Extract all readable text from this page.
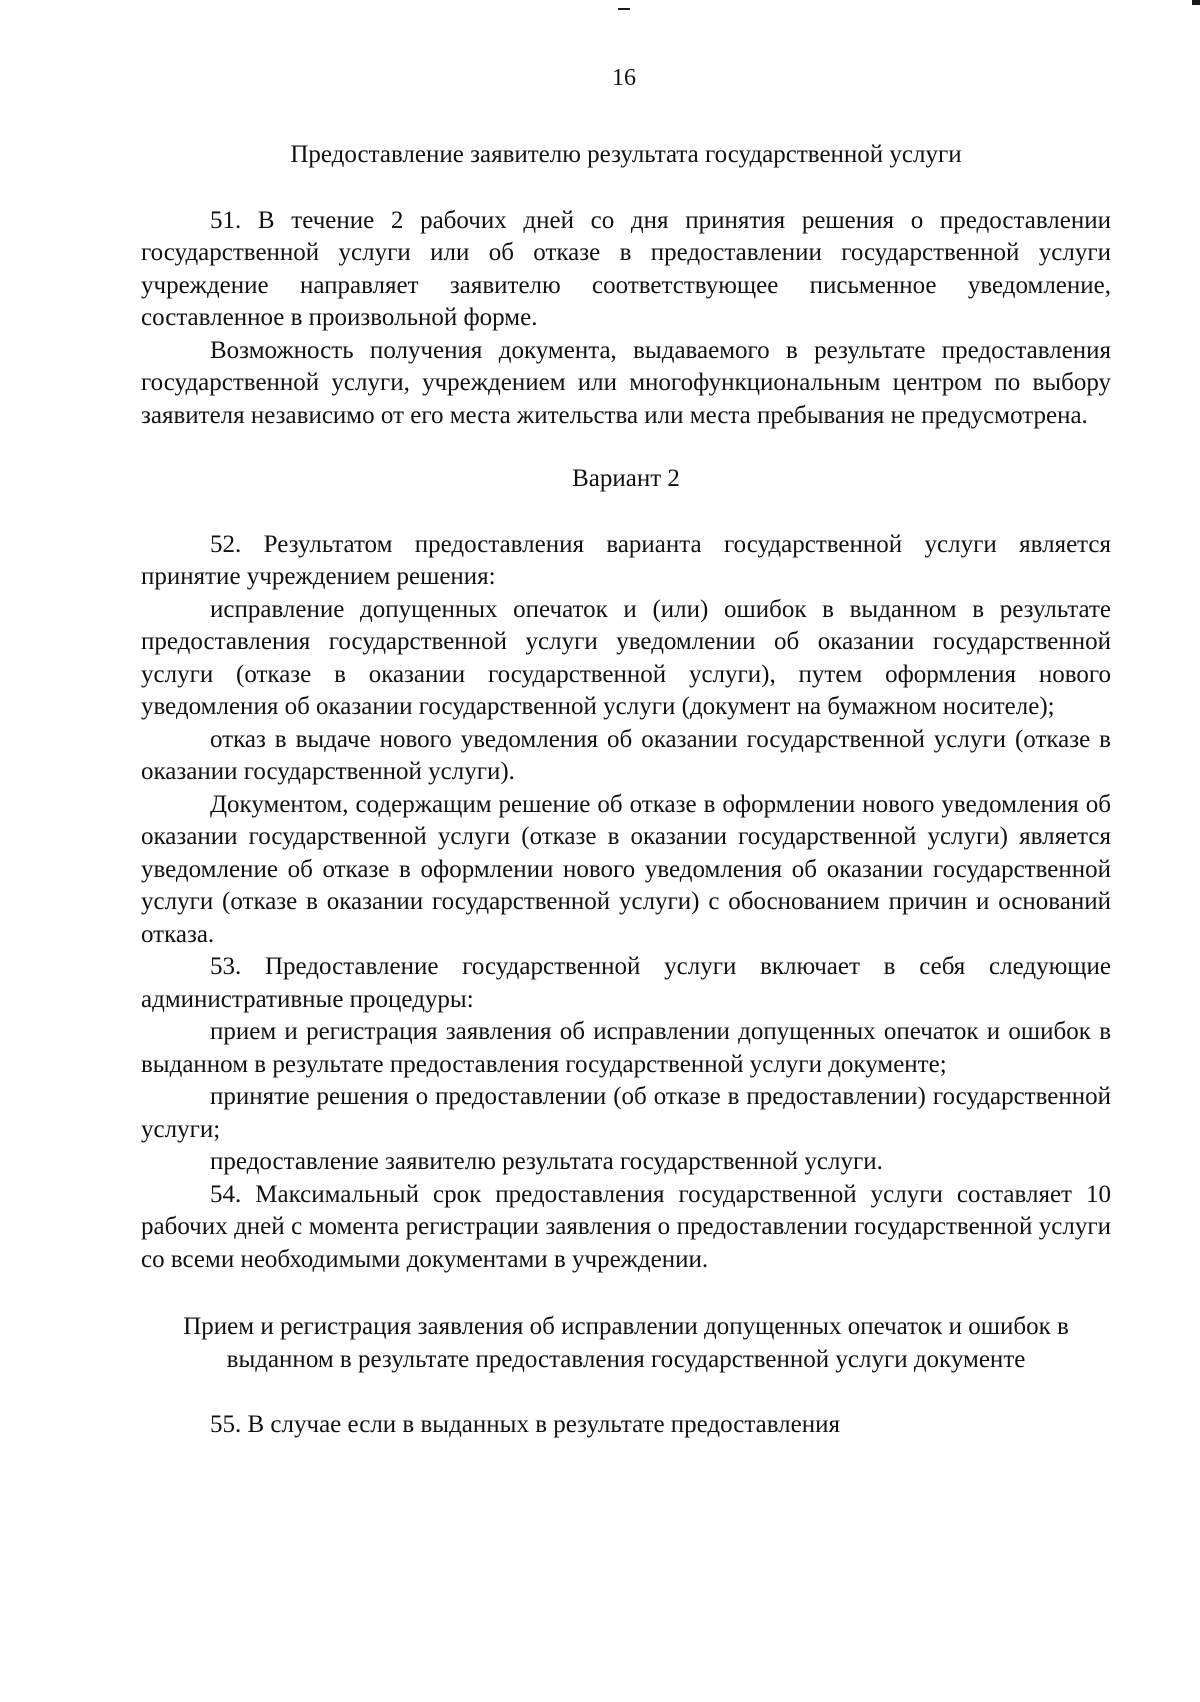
16

Предоставление заявителю результата государственной услуги

51. В течение 2 рабочих дней со дня принятия решения о предоставлении государственной услуги или об отказе в предоставлении государственной услуги учреждение направляет заявителю соответствующее письменное уведомление, составленное в произвольной форме.

Возможность получения документа, выдаваемого в результате предоставления государственной услуги, учреждением или многофункциональным центром по выбору заявителя независимо от его места жительства или места пребывания не предусмотрена.

Вариант 2

52. Результатом предоставления варианта государственной услуги является принятие учреждением решения:

исправление допущенных опечаток и (или) ошибок в выданном в результате предоставления государственной услуги уведомлении об оказании государственной услуги (отказе в оказании государственной услуги), путем оформления нового уведомления об оказании государственной услуги (документ на бумажном носителе);

отказ в выдаче нового уведомления об оказании государственной услуги (отказе в оказании государственной услуги).

Документом, содержащим решение об отказе в оформлении нового уведомления об оказании государственной услуги (отказе в оказании государственной услуги) является уведомление об отказе в оформлении нового уведомления об оказании государственной услуги (отказе в оказании государственной услуги) с обоснованием причин и оснований отказа.

53. Предоставление государственной услуги включает в себя следующие административные процедуры:

прием и регистрация заявления об исправлении допущенных опечаток и ошибок в выданном в результате предоставления государственной услуги документе;

принятие решения о предоставлении (об отказе в предоставлении) государственной услуги;

предоставление заявителю результата государственной услуги.

54. Максимальный срок предоставления государственной услуги составляет 10 рабочих дней с момента регистрации заявления о предоставлении государственной услуги со всеми необходимыми документами в учреждении.

Прием и регистрация заявления об исправлении допущенных опечаток и ошибок в выданном в результате предоставления государственной услуги документе

55. В случае если в выданных в результате предоставления
